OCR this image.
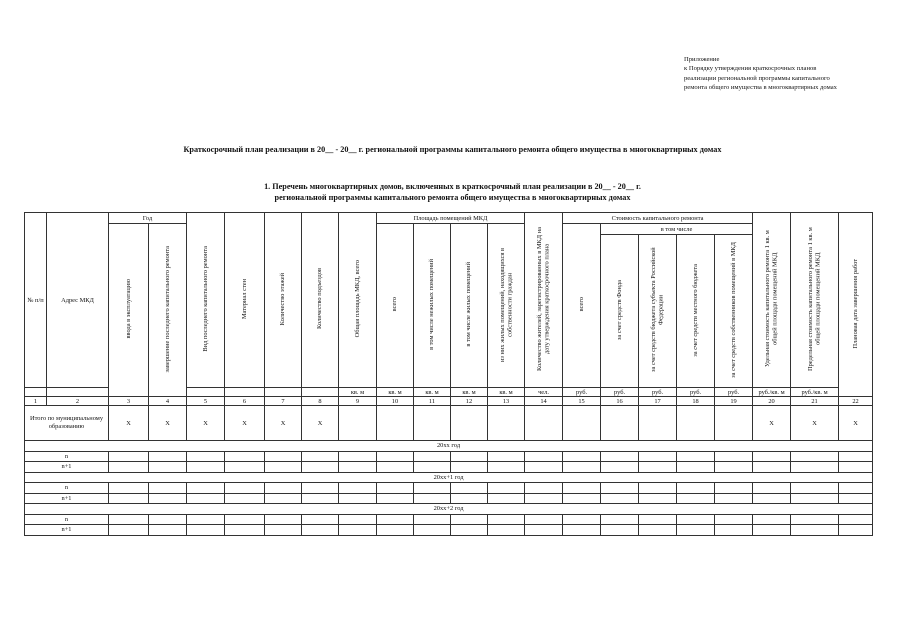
Приложение
к Порядку утверждения краткосрочных планов
реализации региональной программы капитального
ремонта общего имущества в многоквартирных домах
Краткосрочный план реализации в 20__ - 20__ г. региональной программы капитального ремонта общего имущества в многоквартирных домах
1. Перечень многоквартирных домов, включенных в краткосрочный план реализации в 20__ - 20__ г.
региональной программы капитального ремонта общего имущества в многоквартирных домах
№ п/п	Адрес МКД	Год		Вид последнего капитального ремонта	Материал стен	Количество этажей	Количество подъездов	Общая площадь МКД, всего	Площадь помещений МКД				Количество жителей, зарегистрированных в МКД на дату утверждения краткосрочного плана	Стоимость капитального ремонта					Удельная стоимость капитального ремонта 1 кв. м общей площади помещений МКД	Предельная стоимость капитального ремонта 1 кв. м общей площади помещений МКД	Плановая дата завершения работ
		ввода в эксплуатацию	завершение последнего капитального ремонта						всего	в том числе нежилых помещений	в том числе жилых помещений	из них жилых помещений, находящихся в собственности граждан		всего	в том числе						
															за счет средств Фонда	за счет средств бюджета субъекта Российской Федерации	за счет средств местного бюджета	за счет средств собственников помещений в МКД			
								кв. м	кв. м	кв. м	кв. м	кв. м	чел.	руб.	руб.	руб.	руб.	руб.	руб./кв. м	руб./кв. м	
1	2	3	4	5	6	7	8	9	10	11	12	13	14	15	16	17	18	19	20	21	22
Итого по муниципальному образованию		X	X	X	X	X	X												X	X	X
20хх год																					
n																					
n+1																					
20хх+1 год																					
n																					
n+1																					
20хх+2 год																					
n																					
n+1																					
